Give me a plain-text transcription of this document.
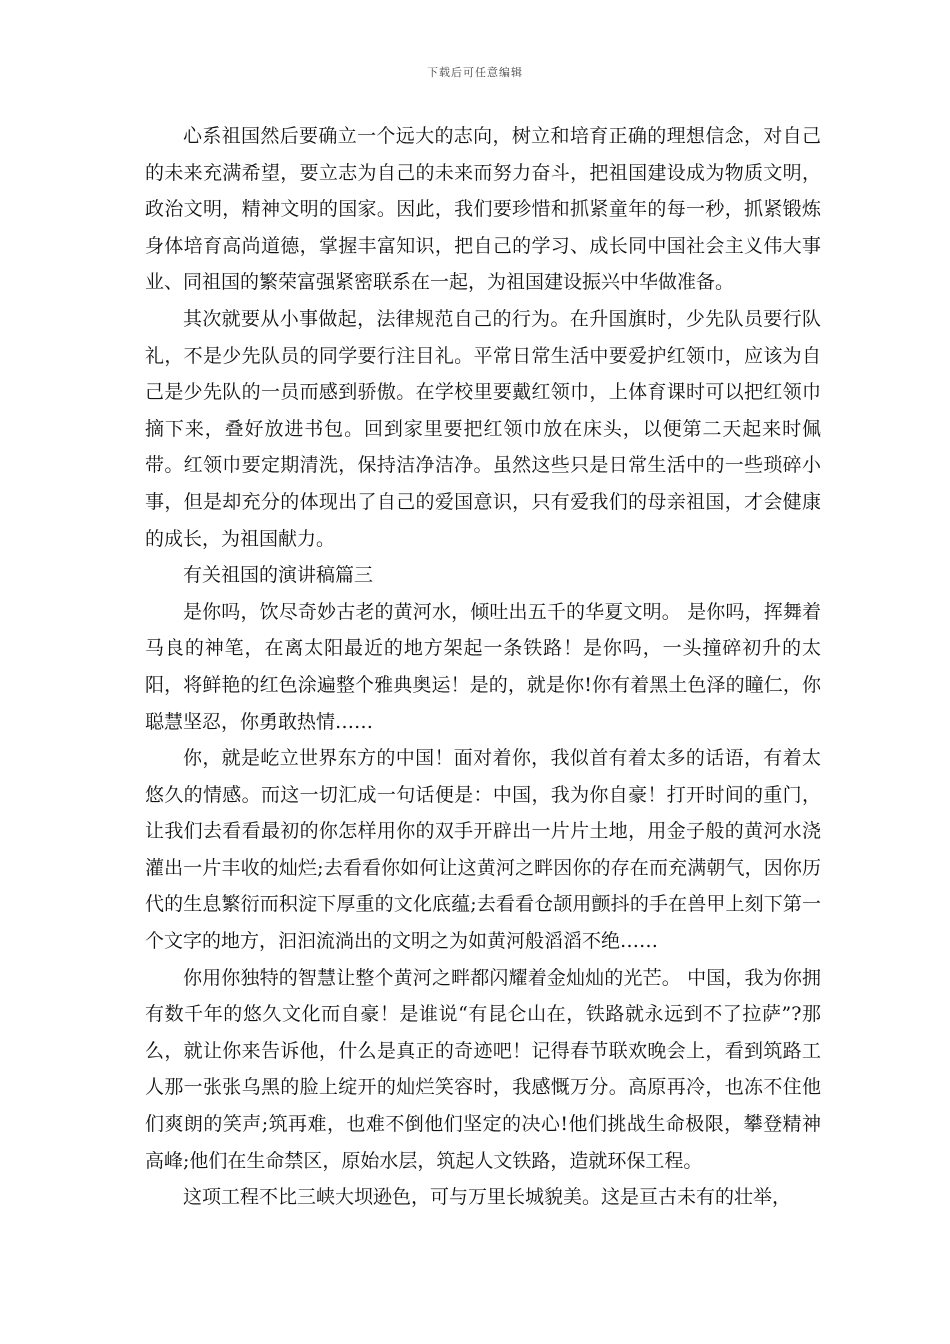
下载后可任意编辑

心系祖国然后要确立一个远大的志向，树立和培育正确的理想信念，对自己的未来充满希望，要立志为自己的未来而努力奋斗，把祖国建设成为物质文明，政治文明，精神文明的国家。因此，我们要珍惜和抓紧童年的每一秒，抓紧锻炼身体培育高尚道德，掌握丰富知识，把自己的学习、成长同中国社会主义伟大事业、同祖国的繁荣富强紧密联系在一起，为祖国建设振兴中华做准备。

其次就要从小事做起，法律规范自己的行为。在升国旗时，少先队员要行队礼，不是少先队员的同学要行注目礼。平常日常生活中要爱护红领巾，应该为自己是少先队的一员而感到骄傲。在学校里要戴红领巾，上体育课时可以把红领巾摘下来，叠好放进书包。回到家里要把红领巾放在床头，以便第二天起来时佩带。红领巾要定期清洗，保持洁净洁净。虽然这些只是日常生活中的一些琐碎小事，但是却充分的体现出了自己的爱国意识，只有爱我们的母亲祖国，才会健康的成长，为祖国献力。

有关祖国的演讲稿篇三

是你吗，饮尽奇妙古老的黄河水，倾吐出五千的华夏文明。 是你吗，挥舞着马良的神笔，在离太阳最近的地方架起一条铁路！是你吗，一头撞碎初升的太阳，将鲜艳的红色涂遍整个雅典奥运！是的，就是你!你有着黑土色泽的瞳仁，你聪慧坚忍，你勇敢热情……

你，就是屹立世界东方的中国！面对着你，我似首有着太多的话语，有着太悠久的情感。而这一切汇成一句话便是：中国，我为你自豪！打开时间的重门，让我们去看看最初的你怎样用你的双手开辟出一片片土地，用金子般的黄河水浇灌出一片丰收的灿烂;去看看你如何让这黄河之畔因你的存在而充满朝气，因你历代的生息繁衍而积淀下厚重的文化底蕴;去看看仓颉用颤抖的手在兽甲上刻下第一个文字的地方，汩汩流淌出的文明之为如黄河般滔滔不绝……

你用你独特的智慧让整个黄河之畔都闪耀着金灿灿的光芒。 中国，我为你拥有数千年的悠久文化而自豪！是谁说“有昆仑山在，铁路就永远到不了拉萨”?那么，就让你来告诉他，什么是真正的奇迹吧！记得春节联欢晚会上，看到筑路工人那一张张乌黑的脸上绽开的灿烂笑容时，我感慨万分。高原再冷，也冻不住他们爽朗的笑声;筑再难，也难不倒他们坚定的决心!他们挑战生命极限，攀登精神高峰;他们在生命禁区，原始水层，筑起人文铁路，造就环保工程。

这项工程不比三峡大坝逊色，可与万里长城貌美。这是亘古未有的壮举，
